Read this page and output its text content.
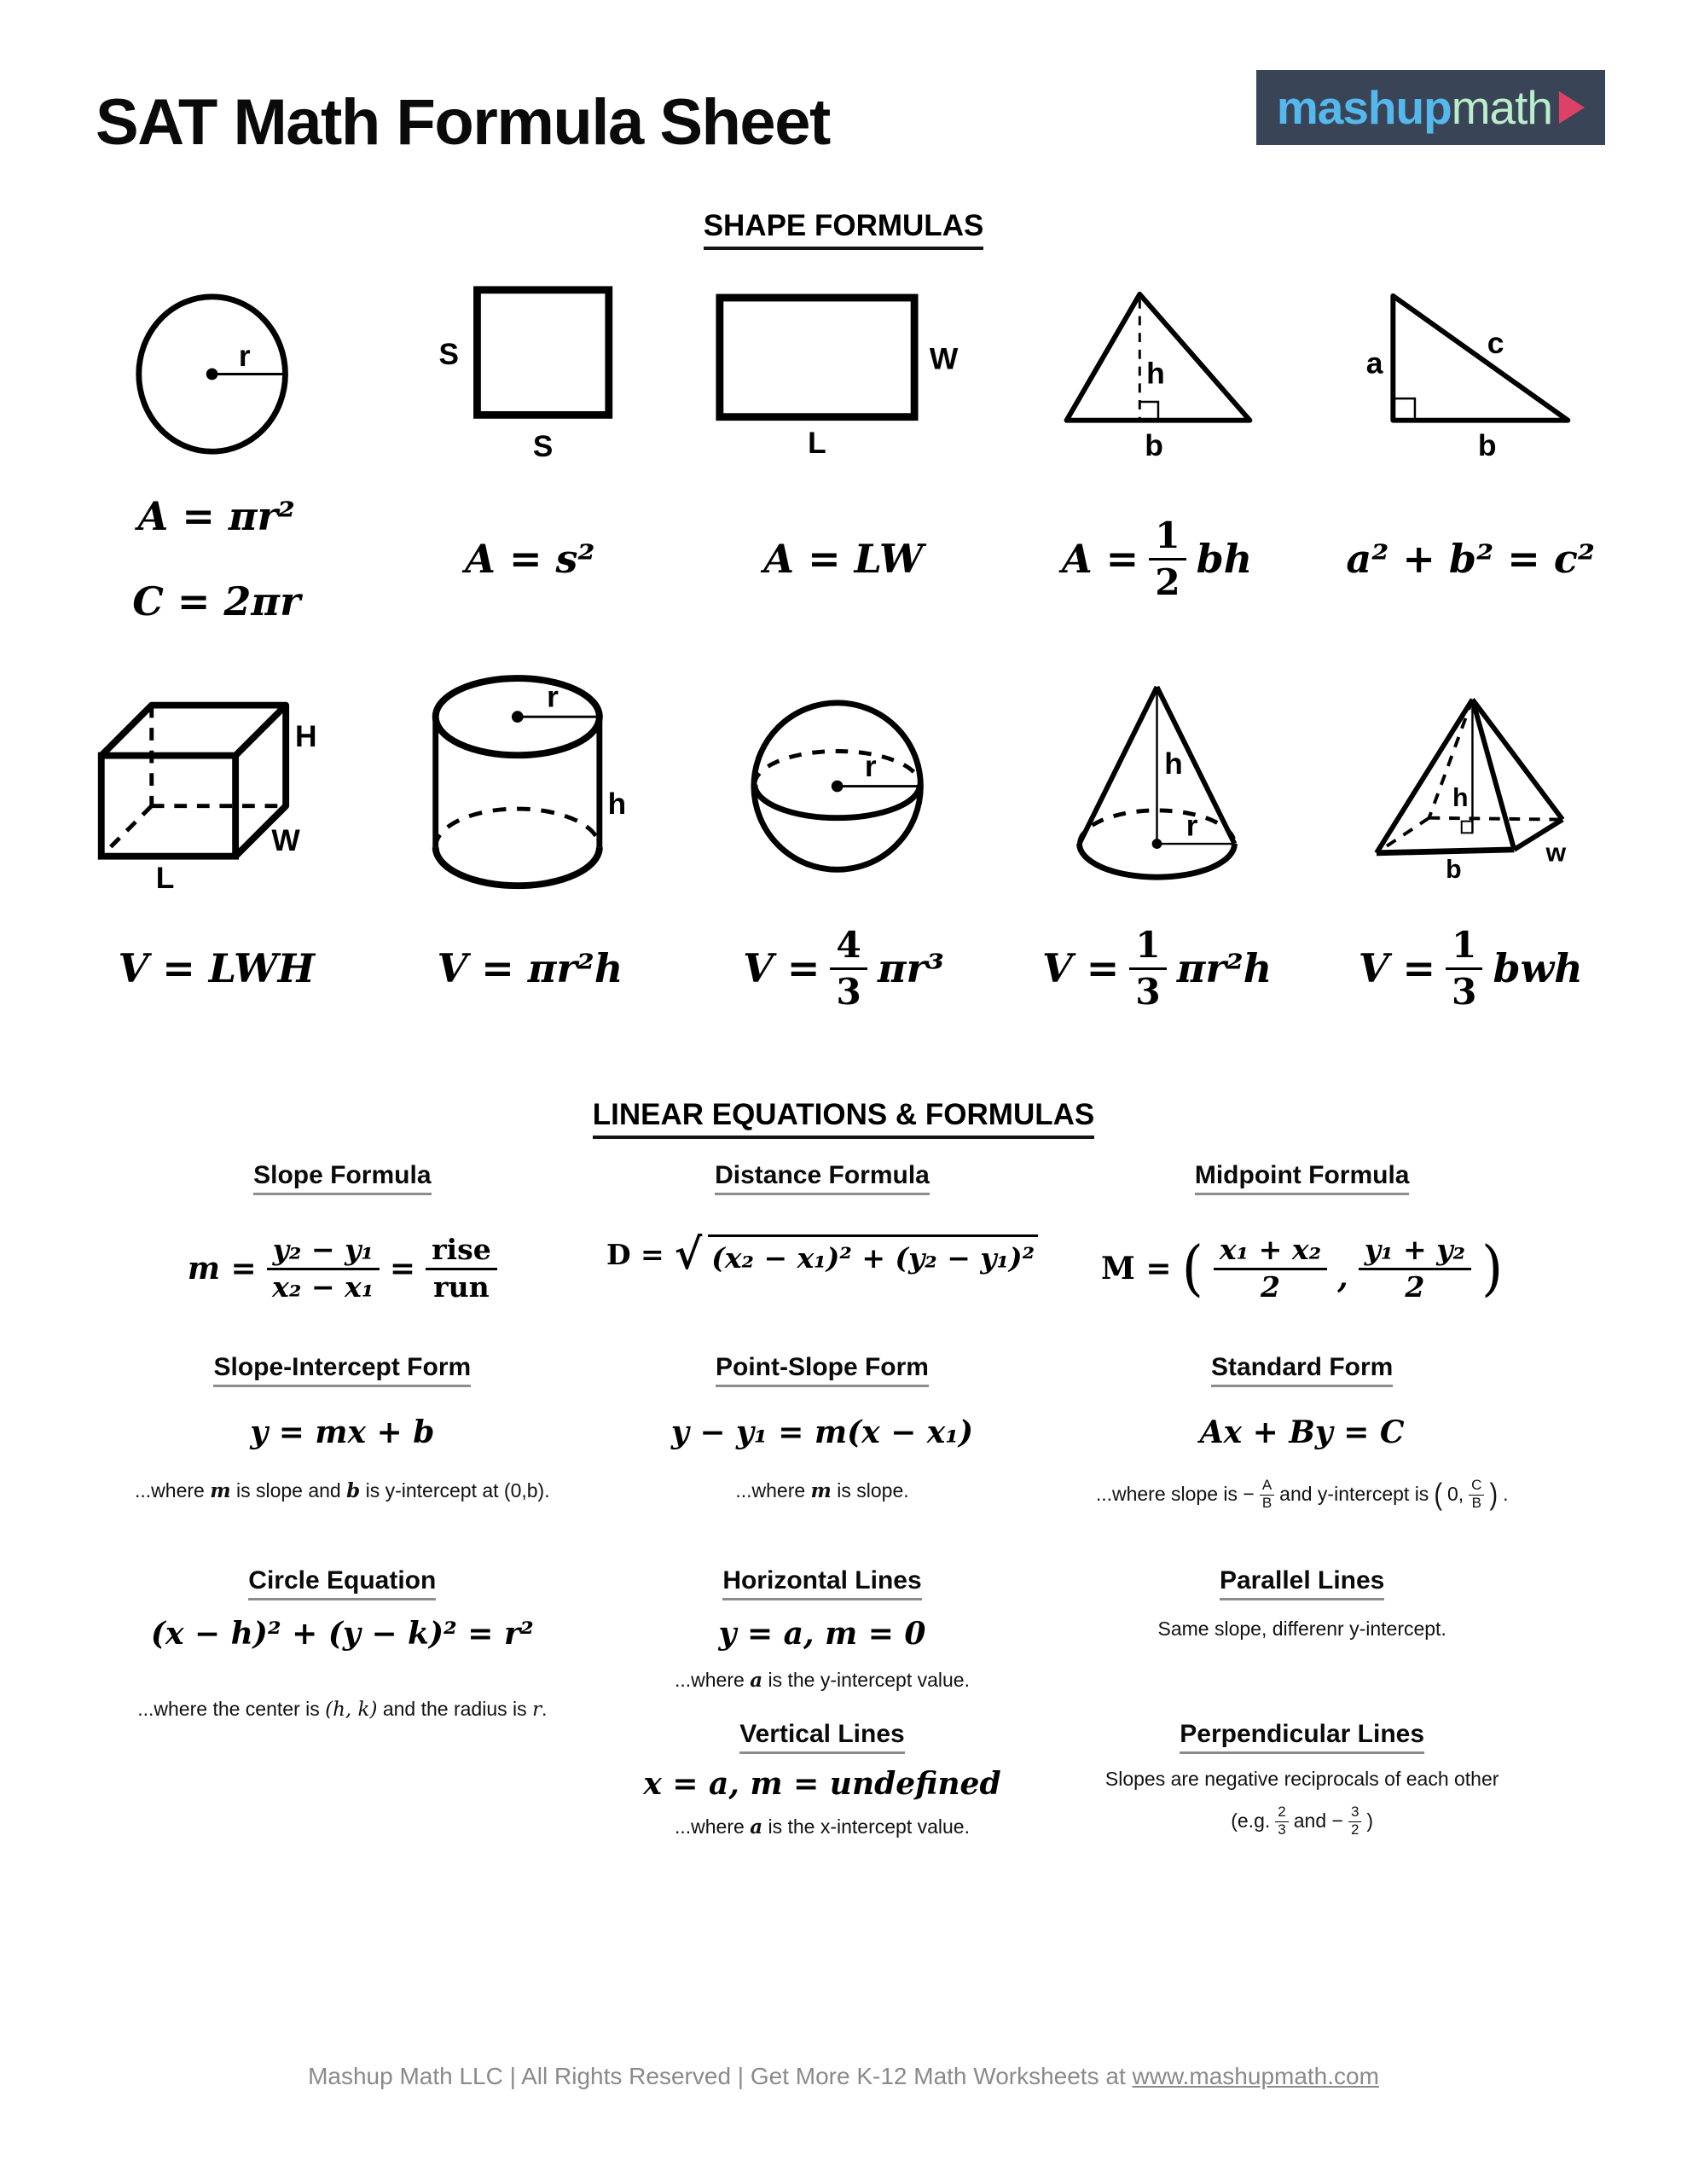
SAT Math Formula Sheet	mashup math
SHAPE FORMULAS
r	S
S
W
L
h
b
a
c
b
A = πr²
C = 2πr
A = s²	A = LW	$A = \frac{1}{2}$ bh a² + b² = c²
H
W
L
r
h
r	h
r
h
b
w
V = LWH	V = πr²h	$V = \frac{4}{3} \pi r^3$	$V = \frac{1}{3} \pi r^2h$ $V = \frac{1}{3}$ bwh
LINEAR EQUATIONS & FORMULAS
Slope Formula
$m = \frac{\text{y₂ − y₁}}{\text{x₂ − x₁}} = \frac{\text{rise}}{\text{run}}$
Distance Formula
D = √ (x₂ − x₁)² + (y₂ − y₁)²
Midpoint Formula
M = ( $\frac{\text{x₁ + x₂}}{2}$ , $\frac{\text{y₁ + y₂}}{2}$ )
Slope-Intercept Form
y = mx + b
...where m is slope and b is y-intercept at (0,b).
Point-Slope Form
y − y₁ = m(x − x₁)
...where m is slope.
Standard Form
Ax + By = C
...where slope is − $\frac{A}{B}$ and y-intercept is ( 0, C
B ) .
Horizontal Lines
y = a, m = 0
...where a is the y-intercept value.
Parallel Lines
Same slope, differenr y-intercept.
Circle Equation
(x − h)² + (y − k)² = r²
...where the center is (h, k) and the radius is r.
Vertical Lines
x = a, m = undefined
...where a is the x-intercept value.
Perpendicular Lines
Slopes are negative reciprocals of each other
(e.g. 2
3 and − $\frac{3}{2}$ )
Mashup Math LLC | All Rights Reserved | Get More K-12 Math Worksheets at www.mashupmath.com
